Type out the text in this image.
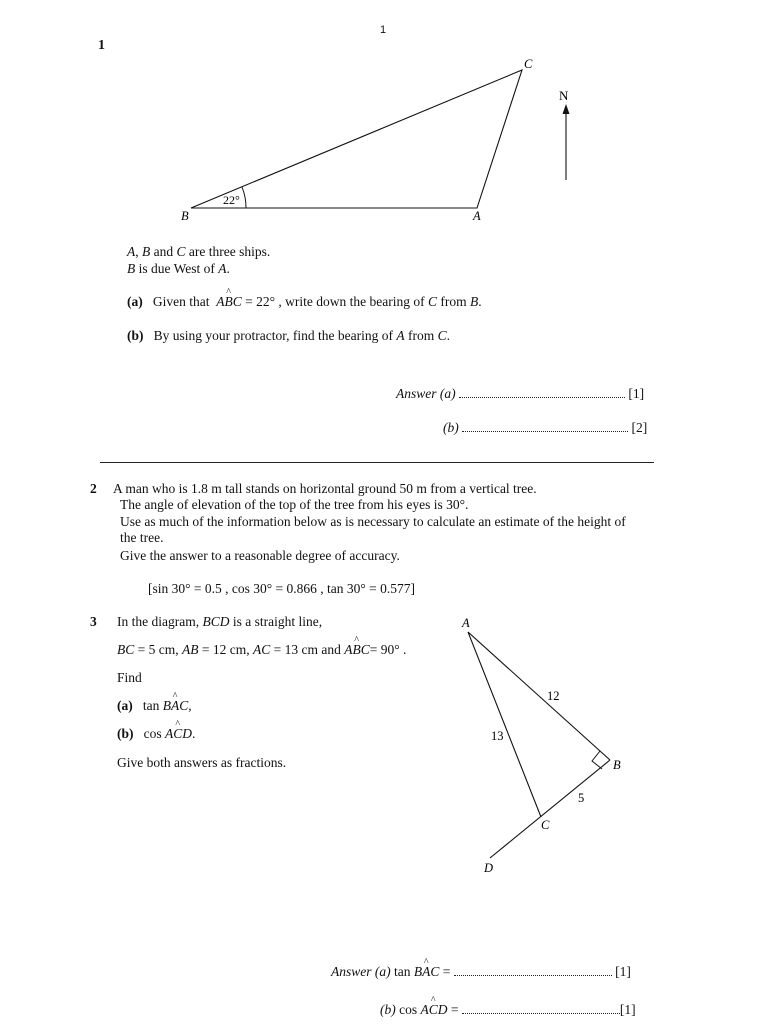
1
1
22°
B	A
C
N
A, B and C are three ships.
B is due West of A.
(a) Given that A^ BC = 22° , write down the bearing of C from B.
(b) By using your protractor, find the bearing of A from C.
Answer (a)	[1]
(b)	[2]
2 A man who is 1.8 m tall stands on horizontal ground 50 m from a vertical tree.
The angle of elevation of the top of the tree from his eyes is 30°.
Use as much of the information below as is necessary to calculate an estimate of the height of
the tree.
Give the answer to a reasonable degree of accuracy.
[sin 30° = 0.5 , cos 30° = 0.866 , tan 30° = 0.577]
3 In the diagram, BCD is a straight line,
BC = 5 cm, AB = 12 cm, AC = 13 cm and A^ BC= 90° .
Find
(a) tan B^ AC,
(b) cos A^ CD.
Give both answers as fractions.
A
B
C
D
12
13
5
Answer (a) tan B^ AC =	[1]
(b) cos A^ CD =	[1]
